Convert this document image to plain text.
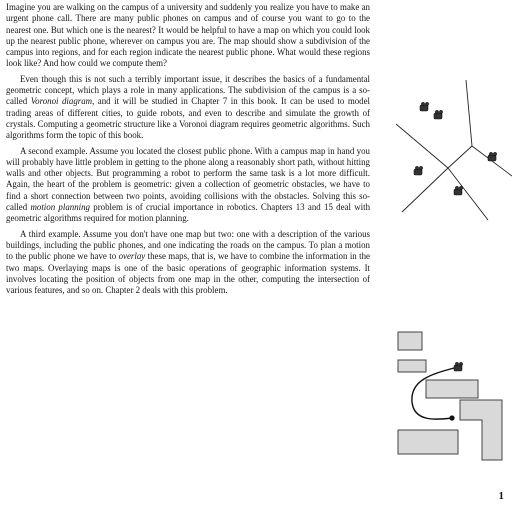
Imagine you are walking on the campus of a university and suddenly you realize you have to make an urgent phone call. There are many public phones on campus and of course you want to go to the nearest one. But which one is the nearest? It would be helpful to have a map on which you could look up the nearest public phone, wherever on campus you are. The map should show a subdivision of the campus into regions, and for each region indicate the nearest public phone. What would these regions look like? And how could we compute them?

Even though this is not such a terribly important issue, it describes the basics of a fundamental geometric concept, which plays a role in many applications. The subdivision of the campus is a so-called Voronoi diagram, and it will be studied in Chapter 7 in this book. It can be used to model trading areas of different cities, to guide robots, and even to describe and simulate the growth of crystals. Computing a geometric structure like a Voronoi diagram requires geometric algorithms. Such algorithms form the topic of this book.

A second example. Assume you located the closest public phone. With a campus map in hand you will probably have little problem in getting to the phone along a reasonably short path, without hitting walls and other objects. But programming a robot to perform the same task is a lot more difficult. Again, the heart of the problem is geometric: given a collection of geometric obstacles, we have to find a short connection between two points, avoiding collisions with the obstacles. Solving this so-called motion planning problem is of crucial importance in robotics. Chapters 13 and 15 deal with geometric algorithms required for motion planning.

A third example. Assume you don't have one map but two: one with a description of the various buildings, including the public phones, and one indicating the roads on the campus. To plan a motion to the public phone we have to overlay these maps, that is, we have to combine the information in the two maps. Overlaying maps is one of the basic operations of geographic information systems. It involves locating the position of objects from one map in the other, computing the intersection of various features, and so on. Chapter 2 deals with this problem.

1
